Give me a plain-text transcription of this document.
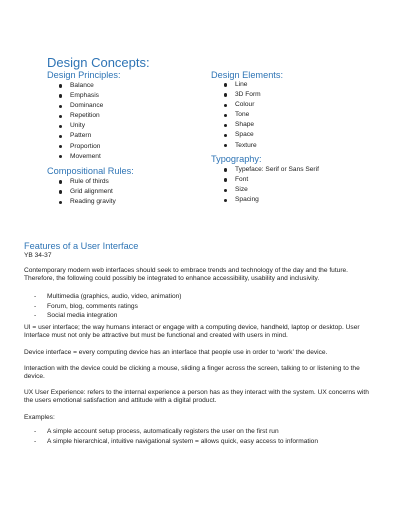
Design Concepts:
Design Principles:
Balance
Emphasis
Dominance
Repetition
Unity
Pattern
Proportion
Movement
Compositional Rules:
Rule of thirds
Grid alignment
Reading gravity
Design Elements:
Line
3D Form
Colour
Tone
Shape
Space
Texture
Typography:
Typeface: Serif or Sans Serif
Font
Size
Spacing
Features of a User Interface
YB 34-37

Contemporary modern web interfaces should seek to embrace trends and technology of the day and the future. Therefore, the following could possibly be integrated to enhance accessibility, usability and inclusivity.

- Multimedia (graphics, audio, video, animation)
- Forum, blog, comments ratings
- Social media integration

UI = user interface; the way humans interact or engage with a computing device, handheld, laptop or desktop. User Interface must not only be attractive but must be functional and created with users in mind.

Device interface = every computing device has an interface that people use in order to ‘work’ the device.

Interaction with the device could be clicking a mouse, sliding a finger across the screen, talking to or listening to the device.

UX User Experience: refers to the internal experience a person has as they interact with the system. UX concerns with the users emotional satisfaction and attitude with a digital product.

Examples:
- A simple account setup process, automatically registers the user on the first run
- A simple hierarchical, intuitive navigational system = allows quick, easy access to information
